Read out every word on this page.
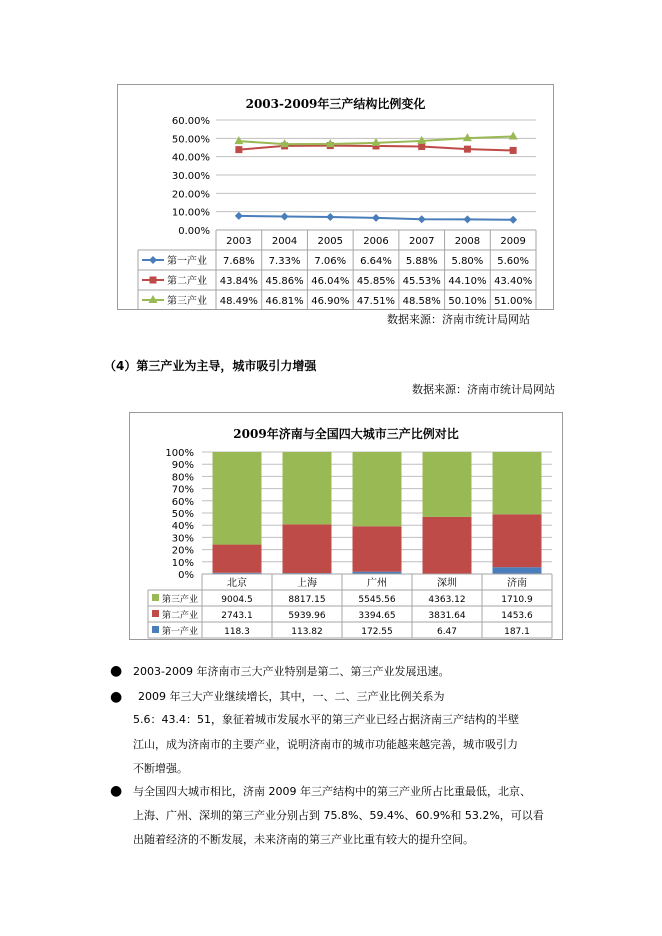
2003-2009年三产结构比例变化
60.00%
50.00%
40.00%
30.00%
20.00%
10.00%
0.00%
2003 2004 2005 2006 2007 2008 2009
第一产业 7.68% 7.33% 7.06% 6.64% 5.88% 5.80% 5.60%
第二产业 43.84% 45.86% 46.04% 45.85% 45.53% 44.10% 43.40%
第三产业 48.49% 46.81% 46.90% 47.51% 48.58% 50.10% 51.00%
数据来源：济南市统计局网站
（4）第三产业为主导，城市吸引力增强
数据来源：济南市统计局网站
2009年济南与全国四大城市三产比例对比
100%
90%
80%
70%
60%
50%
40%
30%
20%
10%
0%
北京	上海	广州	深圳	济南
第三产业	9004.5	8817.15	5545.56	4363.12	1710.9
第二产业	2743.1	5939.96	3394.65	3831.64	1453.6
第一产业	118.3	113.82	172.55	6.47	187.1
● 2003-2009 年济南市三大产业特别是第二、第三产业发展迅速。
● 2009 年三大产业继续增长，其中，一、二、三产业比例关系为
5.6：43.4：51，象征着城市发展水平的第三产业已经占据济南三产结构的半壁
江山，成为济南市的主要产业，说明济南市的城市功能越来越完善，城市吸引力
不断增强。
● 与全国四大城市相比，济南 2009 年三产结构中的第三产业所占比重最低，北京、
上海、广州、深圳的第三产业分别占到 75.8%、59.4%、60.9%和 53.2%，可以看
出随着经济的不断发展，未来济南的第三产业比重有较大的提升空间。
